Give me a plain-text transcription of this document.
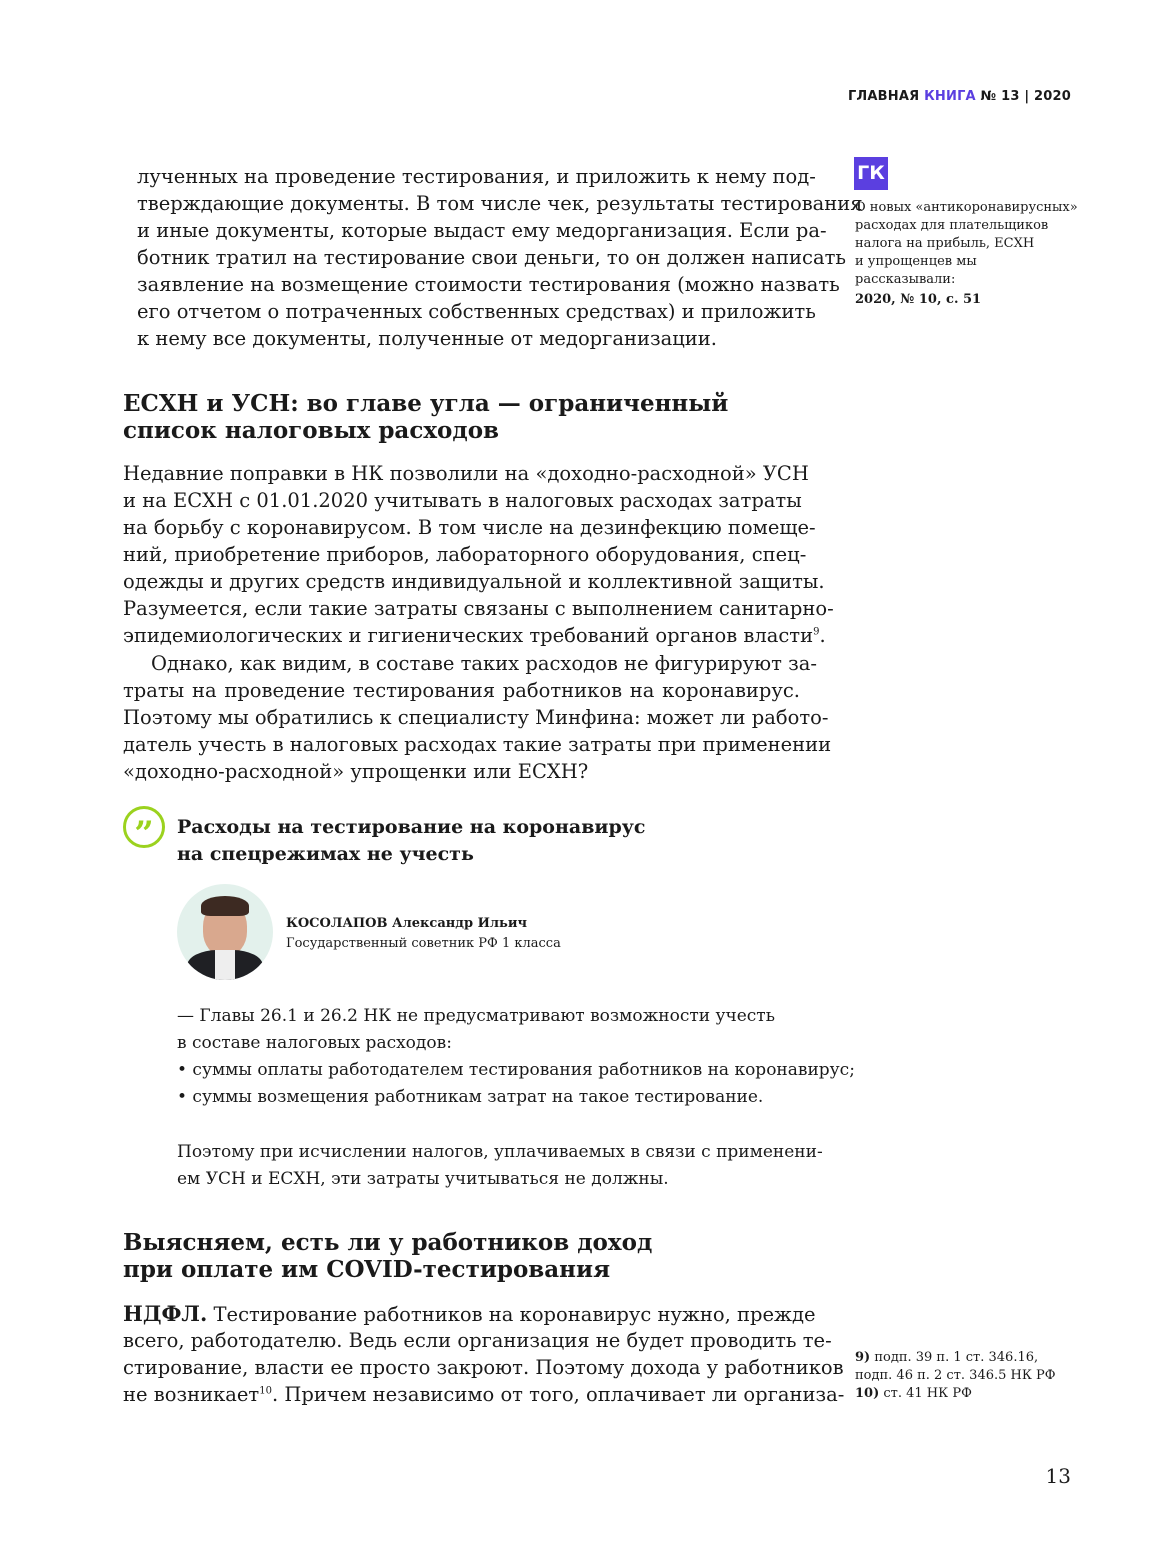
ГЛАВНАЯ КНИГА № 13 | 2020
ГК
О новых «антикоронавирусных»
расходах для плательщиков
налога на прибыль, ЕСХН
и упрощенцев мы
рассказывали:
2020, № 10, с. 51
лученных на проведение тестирования, и приложить к нему под-
тверждающие документы. В том числе чек, результаты тестирования
и иные документы, которые выдаст ему медорганизация. Если ра-
ботник тратил на тестирование свои деньги, то он должен написать
заявление на возмещение стоимости тестирования (можно назвать
его отчетом о потраченных собственных средствах) и приложить
к нему все документы, полученные от медорганизации.
ЕСХН и УСН: во главе угла — ограниченный
список налоговых расходов
Недавние поправки в НК позволили на «доходно-расходной» УСН
и на ЕСХН с 01.01.2020 учитывать в налоговых расходах затраты
на борьбу с коронавирусом. В том числе на дезинфекцию помеще-
ний, приобретение приборов, лабораторного оборудования, спец-
одежды и других средств индивидуальной и коллективной защиты.
Разумеется, если такие затраты связаны с выполнением санитарно-
эпидемиологических и гигиенических требований органов власти$^9$.
Однако, как видим, в составе таких расходов не фигурируют за-
траты на проведение тестирования работников на коронавирус.
Поэтому мы обратились к специалисту Минфина: может ли работо-
датель учесть в налоговых расходах такие затраты при применении
«доходно-расходной» упрощенки или ЕСХН?
”	Расходы на тестирование на коронавирус
на спецрежимах не учесть
КОСОЛАПОВ Александр Ильич
Государственный советник РФ 1 класса
— Главы 26.1 и 26.2 НК не предусматривают возможности учесть
в составе налоговых расходов:
• суммы оплаты работодателем тестирования работников на коронавирус;
• суммы возмещения работникам затрат на такое тестирование.
Поэтому при исчислении налогов, уплачиваемых в связи с применени-
ем УСН и ЕСХН, эти затраты учитываться не должны.
Выясняем, есть ли у работников доход
при оплате им COVID-тестирования
НДФЛ. Тестирование работников на коронавирус нужно, прежде
всего, работодателю. Ведь если организация не будет проводить те-
стирование, власти ее просто закроют. Поэтому дохода у работников
не возникает$^{10}$. Причем независимо от того, оплачивает ли организа-
9) подп. 39 п. 1 ст. 346.16,
подп. 46 п. 2 ст. 346.5 НК РФ
10) ст. 41 НК РФ
13
